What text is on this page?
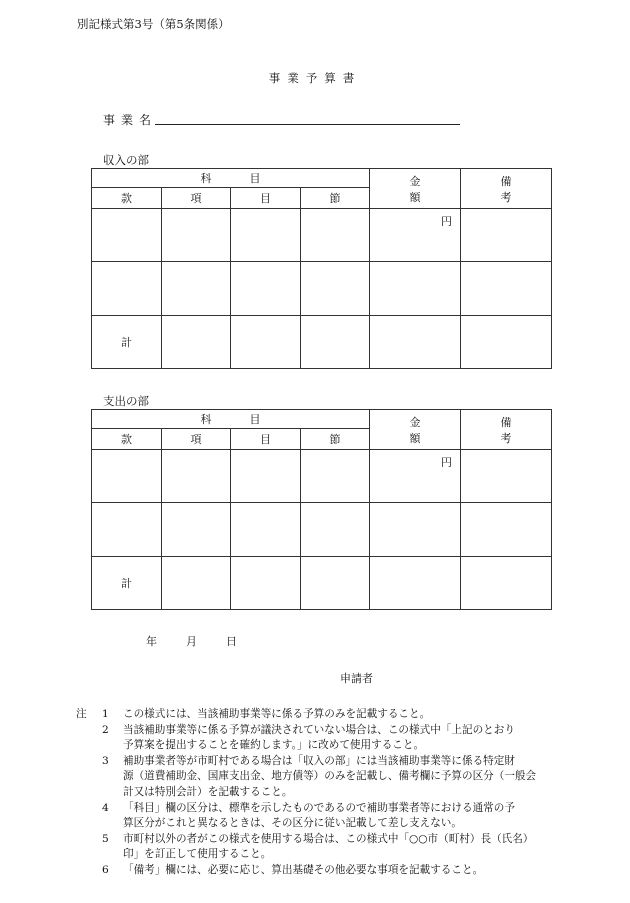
別記様式第3号（第5条関係）
事業予算書
事業名
収入の部
科目				金額	備考
款	項	目	節		
				円	

計					
支出の部
科目				金額	備考
款	項	目	節		
				円	

計					
年	月	日
申請者
注	1 この様式には、当該補助事業等に係る予算のみを記載すること。
2 当該補助事業等に係る予算が議決されていない場合は、この様式中「上記のとおり
予算案を提出することを確約します。」に改めて使用すること。
3 補助事業者等が市町村である場合は「収入の部」には当該補助事業等に係る特定財
源（道費補助金、国庫支出金、地方債等）のみを記載し、備考欄に予算の区分（一般会
計又は特別会計）を記載すること。
4 「科目」欄の区分は、標準を示したものであるので補助事業者等における通常の予
算区分がこれと異なるときは、その区分に従い記載して差し支えない。
5 市町村以外の者がこの様式を使用する場合は、この様式中「○○市（町村）長（氏名）
印」を訂正して使用すること。
6 「備考」欄には、必要に応じ、算出基礎その他必要な事項を記載すること。
